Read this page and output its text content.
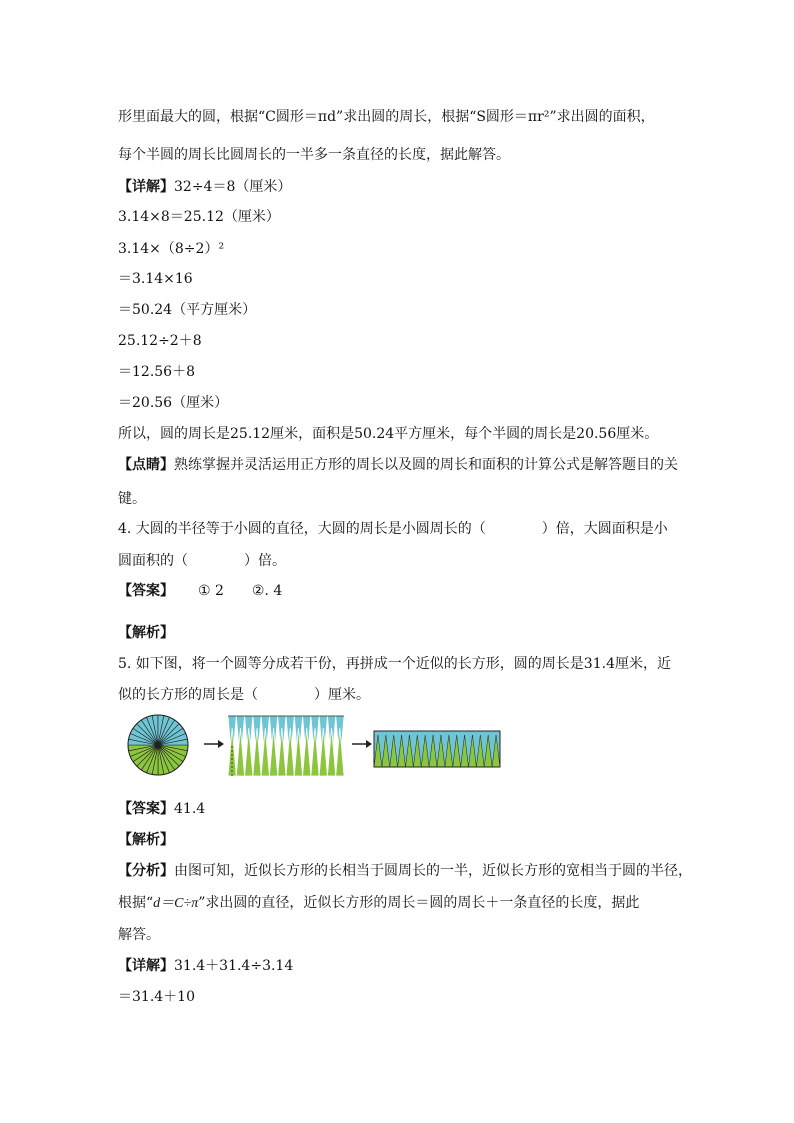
形里面最大的圆，根据“C圆形＝πd”求出圆的周长，根据“S圆形＝πr²”求出圆的面积，
每个半圆的周长比圆周长的一半多一条直径的长度，据此解答。
【详解】32÷4＝8（厘米）
3.14×8＝25.12（厘米）
3.14×（8÷2）²
＝3.14×16
＝50.24（平方厘米）
25.12÷2＋8
＝12.56＋8
＝20.56（厘米）
所以，圆的周长是25.12厘米，面积是50.24平方厘米，每个半圆的周长是20.56厘米。
【点睛】熟练掌握并灵活运用正方形的周长以及圆的周长和面积的计算公式是解答题目的关
键。
4. 大圆的半径等于小圆的直径，大圆的周长是小圆周长的（　　　　）倍，大圆面积是小
圆面积的（　　　　）倍。
【答案】 ① 2 ②. 4
【解析】
5. 如下图，将一个圆等分成若干份，再拼成一个近似的长方形，圆的周长是31.4厘米，近
似的长方形的周长是（　　　　）厘米。
【答案】41.4
【解析】
【分析】由图可知，近似长方形的长相当于圆周长的一半，近似长方形的宽相当于圆的半径，
根据“d＝C÷π”求出圆的直径，近似长方形的周长＝圆的周长＋一条直径的长度，据此
解答。
【详解】31.4＋31.4÷3.14
＝31.4＋10
